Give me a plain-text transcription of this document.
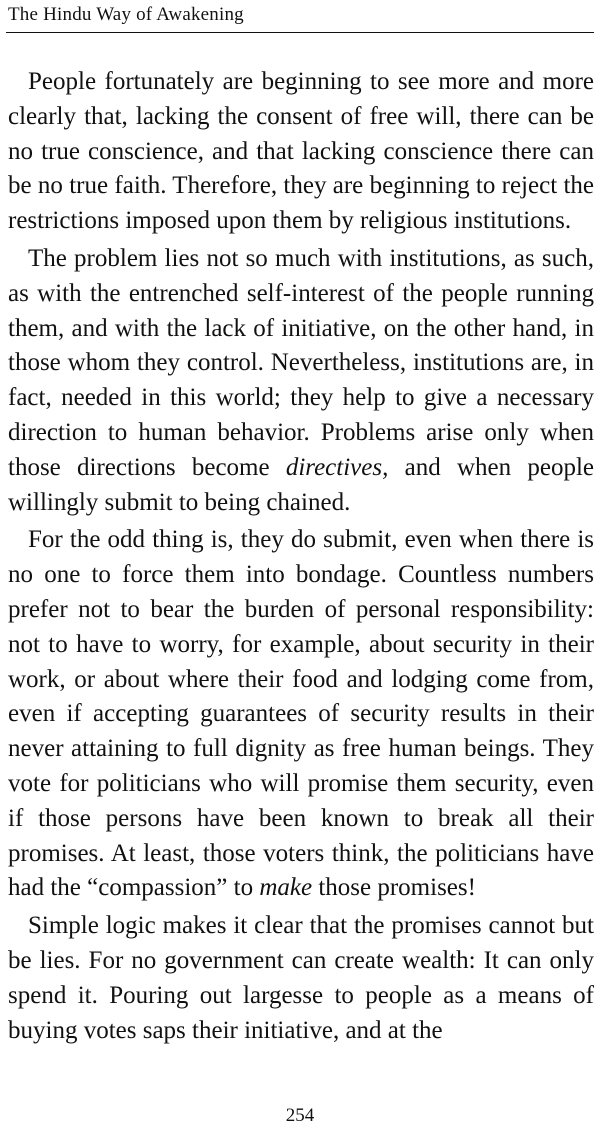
The Hindu Way of Awakening

People fortunately are beginning to see more and more clearly that, lacking the consent of free will, there can be no true conscience, and that lacking conscience there can be no true faith. Therefore, they are beginning to reject the restrictions imposed upon them by religious institutions.

The problem lies not so much with institutions, as such, as with the entrenched self-interest of the people running them, and with the lack of initiative, on the other hand, in those whom they control. Nevertheless, institutions are, in fact, needed in this world; they help to give a necessary direction to human behavior. Problems arise only when those directions become directives, and when people willingly submit to being chained.

For the odd thing is, they do submit, even when there is no one to force them into bondage. Countless numbers prefer not to bear the burden of personal responsibility: not to have to worry, for example, about security in their work, or about where their food and lodging come from, even if accepting guarantees of security results in their never attaining to full dignity as free human beings. They vote for politicians who will promise them security, even if those persons have been known to break all their promises. At least, those voters think, the politicians have had the “compassion” to make those promises!

Simple logic makes it clear that the promises cannot but be lies. For no government can create wealth: It can only spend it. Pouring out largesse to people as a means of buying votes saps their initiative, and at the

254
